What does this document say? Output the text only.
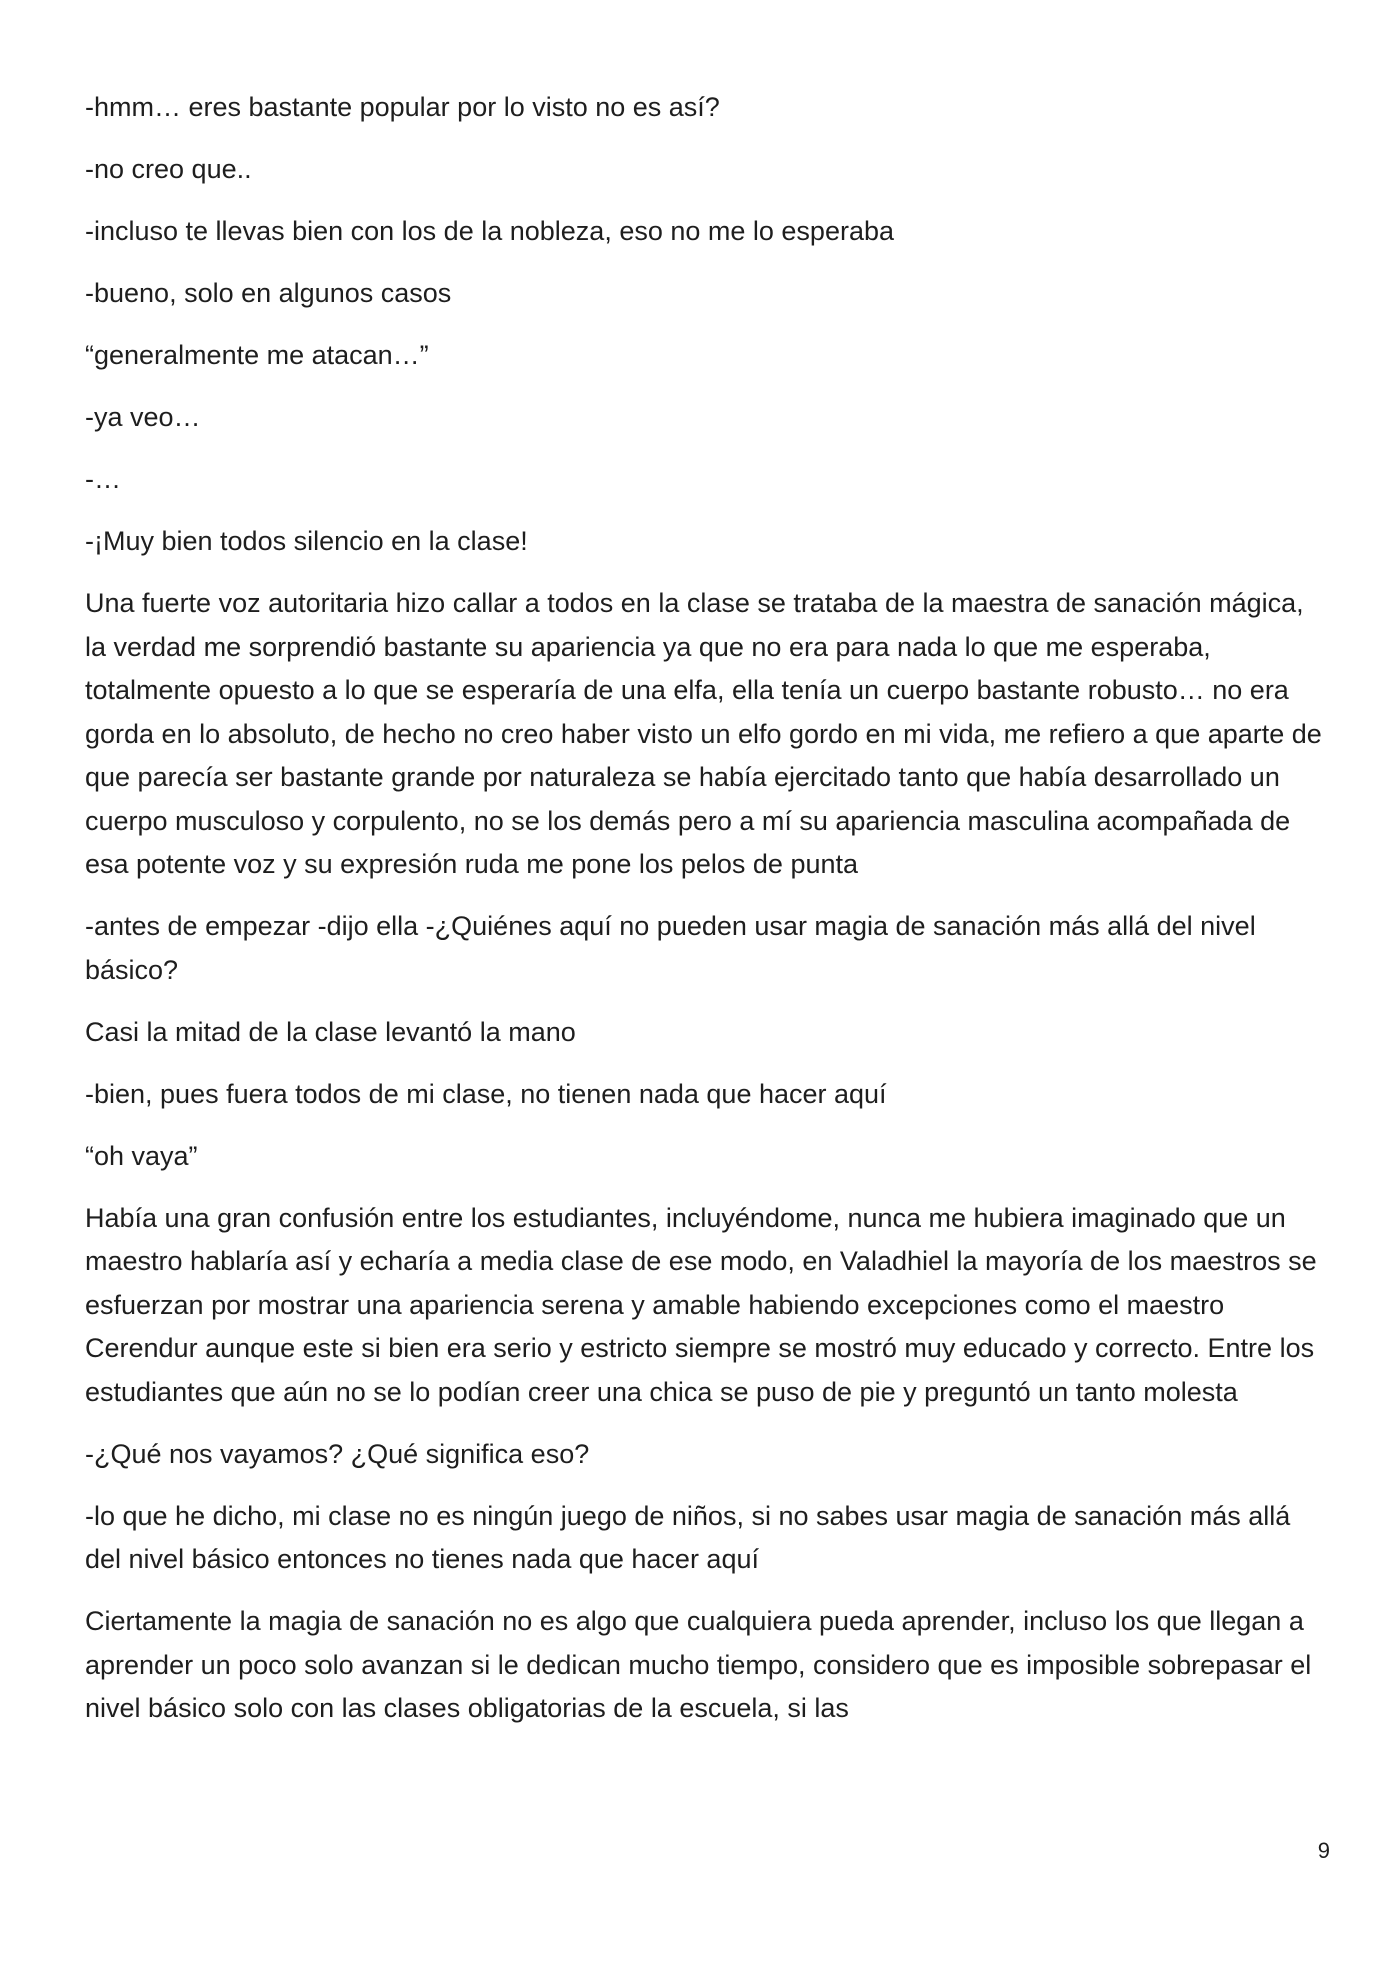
-hmm… eres bastante popular por lo visto no es así?

-no creo que..

-incluso te llevas bien con los de la nobleza, eso no me lo esperaba

-bueno, solo en algunos casos

“generalmente me atacan…”

-ya veo…

-…

-¡Muy bien todos silencio en la clase!

Una fuerte voz autoritaria hizo callar a todos en la clase se trataba de la maestra de sanación mágica, la verdad me sorprendió bastante su apariencia ya que no era para nada lo que me esperaba, totalmente opuesto a lo que se esperaría de una elfa, ella tenía un cuerpo bastante robusto… no era gorda en lo absoluto, de hecho no creo haber visto un elfo gordo en mi vida, me refiero a que aparte de que parecía ser bastante grande por naturaleza se había ejercitado tanto que había desarrollado un cuerpo musculoso y corpulento, no se los demás pero a mí su apariencia masculina acompañada de esa potente voz y su expresión ruda me pone los pelos de punta

-antes de empezar -dijo ella -¿Quiénes aquí no pueden usar magia de sanación más allá del nivel básico?

Casi la mitad de la clase levantó la mano

-bien, pues fuera todos de mi clase, no tienen nada que hacer aquí

“oh vaya”

Había una gran confusión entre los estudiantes, incluyéndome, nunca me hubiera imaginado que un maestro hablaría así y echaría a media clase de ese modo, en Valadhiel la mayoría de los maestros se esfuerzan por mostrar una apariencia serena y amable habiendo excepciones como el maestro Cerendur aunque este si bien era serio y estricto siempre se mostró muy educado y correcto. Entre los estudiantes que aún no se lo podían creer una chica se puso de pie y preguntó un tanto molesta

-¿Qué nos vayamos? ¿Qué significa eso?

-lo que he dicho, mi clase no es ningún juego de niños, si no sabes usar magia de sanación más allá del nivel básico entonces no tienes nada que hacer aquí

Ciertamente la magia de sanación no es algo que cualquiera pueda aprender, incluso los que llegan a aprender un poco solo avanzan si le dedican mucho tiempo, considero que es imposible sobrepasar el nivel básico solo con las clases obligatorias de la escuela, si las

9
